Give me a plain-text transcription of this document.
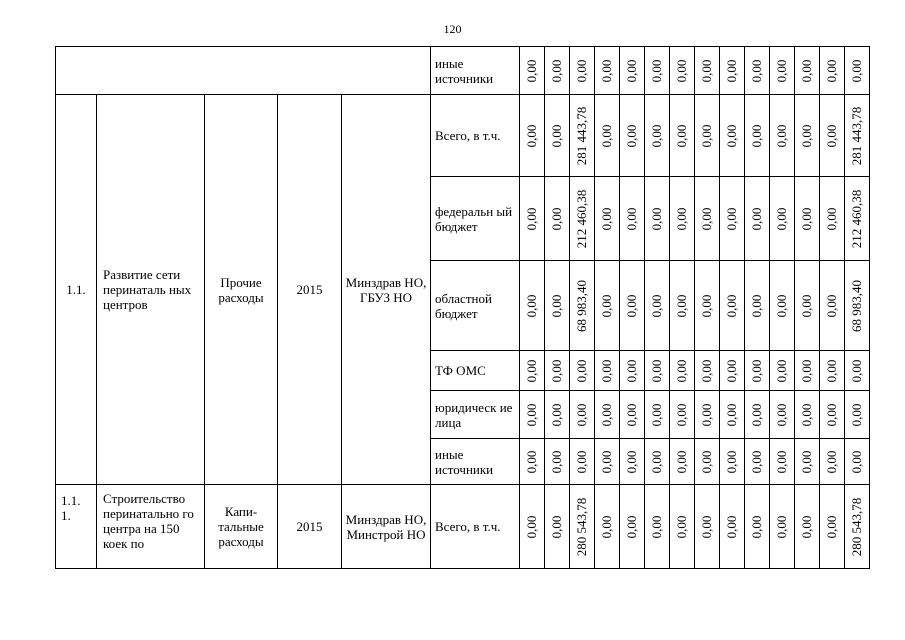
120
					иные источники	0,00	0,00	0,00	0,00	0,00	0,00	0,00	0,00	0,00	0,00	0,00	0,00	0,00	0,00

1.1.	Развитие сети перинаталь ных центров	Прочие расходы	2015	Минздрав НО, ГБУЗ НО	Всего, в т.ч.	0,00	0,00	281 443,78	0,00	0,00	0,00	0,00	0,00	0,00	0,00	0,00	0,00	0,00	281 443,78

					федеральн ый бюджет	0,00	0,00	212 460,38	0,00	0,00	0,00	0,00	0,00	0,00	0,00	0,00	0,00	0,00	212 460,38

					областной бюджет	0,00	0,00	68 983,40	0,00	0,00	0,00	0,00	0,00	0,00	0,00	0,00	0,00	0,00	68 983,40

					ТФ ОМС	0,00	0,00	0,00	0,00	0,00	0,00	0,00	0,00	0,00	0,00	0,00	0,00	0,00	0,00

					юридическ ие лица	0,00	0,00	0,00	0,00	0,00	0,00	0,00	0,00	0,00	0,00	0,00	0,00	0,00	0,00

					иные источники	0,00	0,00	0,00	0,00	0,00	0,00	0,00	0,00	0,00	0,00	0,00	0,00	0,00	0,00

1.1. 1.	Строительство перинатально го центра на 150 коек по	Капи- тальные расходы	2015	Минздрав НО, Минстрой НО	Всего, в т.ч.	0,00	0,00	280 543,78	0,00	0,00	0,00	0,00	0,00	0,00	0,00	0,00	0,00	0,00	280 543,78
